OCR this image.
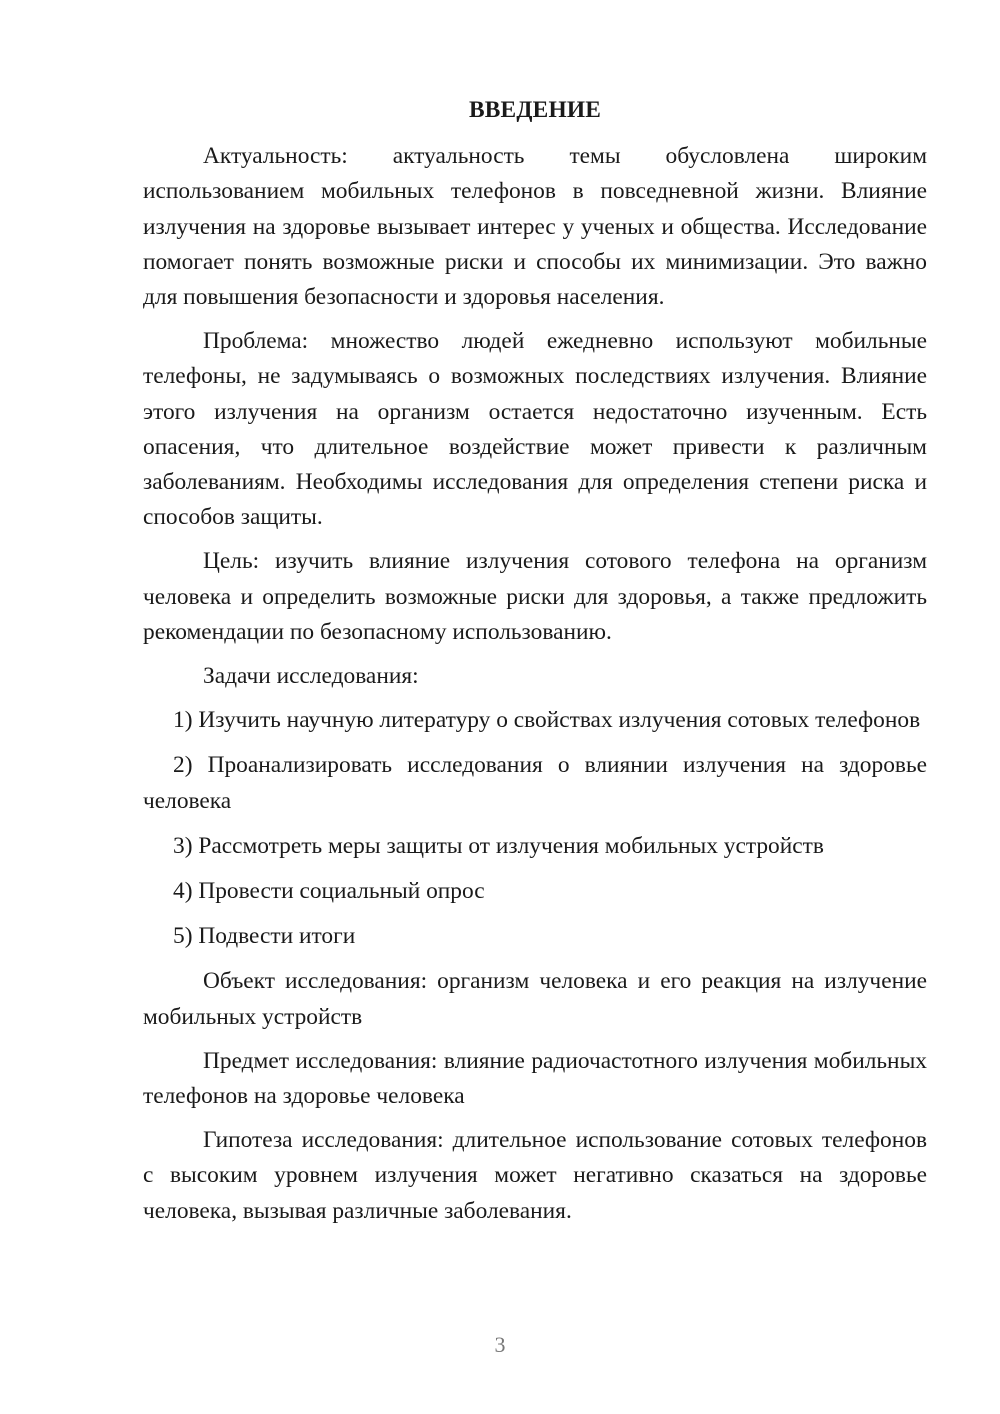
ВВЕДЕНИЕ

Актуальность: актуальность темы обусловлена широким использованием мобильных телефонов в повседневной жизни. Влияние излучения на здоровье вызывает интерес у ученых и общества. Исследование помогает понять возможные риски и способы их минимизации. Это важно для повышения безопасности и здоровья населения.

Проблема: множество людей ежедневно используют мобильные телефоны, не задумываясь о возможных последствиях излучения. Влияние этого излучения на организм остается недостаточно изученным. Есть опасения, что длительное воздействие может привести к различным заболеваниям. Необходимы исследования для определения степени риска и способов защиты.

Цель: изучить влияние излучения сотового телефона на организм человека и определить возможные риски для здоровья, а также предложить рекомендации по безопасному использованию.

Задачи исследования:

1) Изучить научную литературу о свойствах излучения сотовых телефонов

2) Проанализировать исследования о влиянии излучения на здоровье человека

3) Рассмотреть меры защиты от излучения мобильных устройств

4) Провести социальный опрос

5) Подвести итоги

Объект исследования: организм человека и его реакция на излучение мобильных устройств

Предмет исследования: влияние радиочастотного излучения мобильных телефонов на здоровье человека

Гипотеза исследования: длительное использование сотовых телефонов с высоким уровнем излучения может негативно сказаться на здоровье человека, вызывая различные заболевания.

3
